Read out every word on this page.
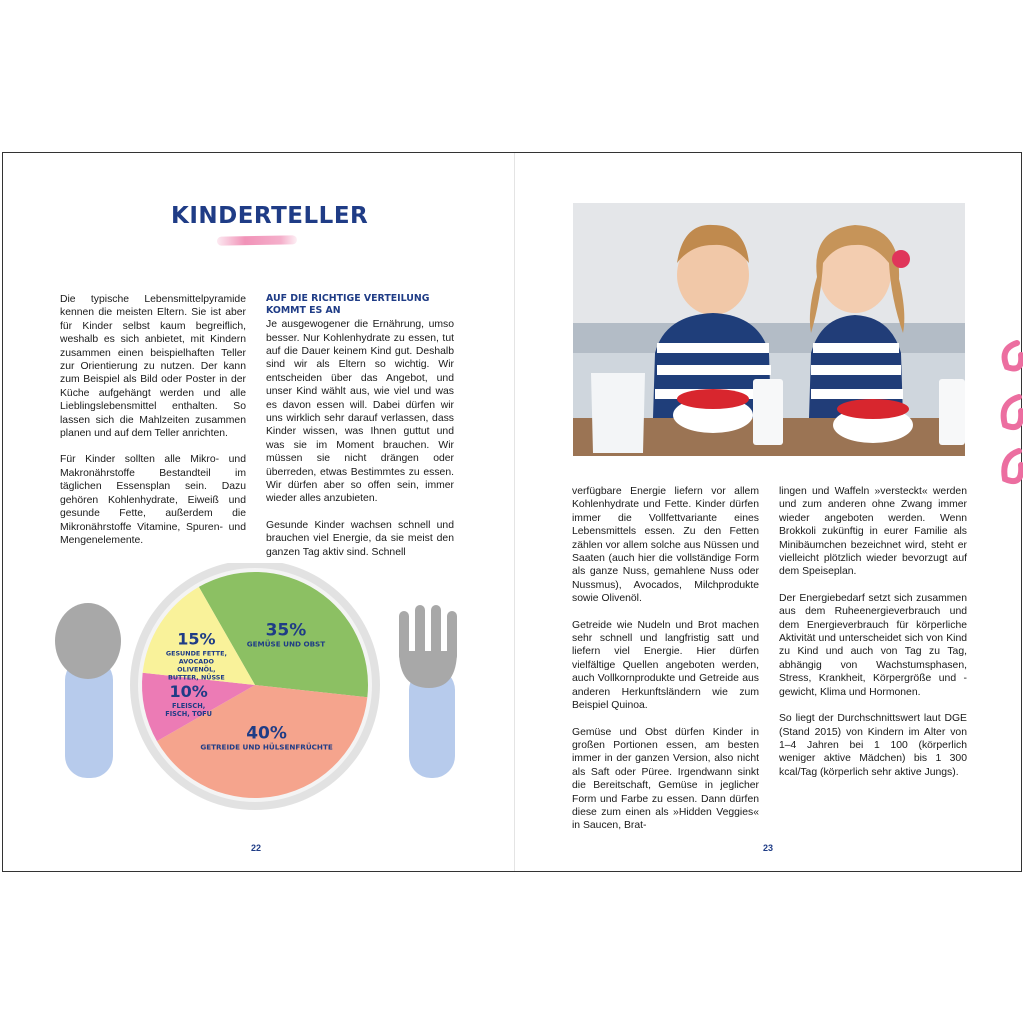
KINDERTELLER

Die typische Lebensmittelpyramide kennen die meisten Eltern. Sie ist aber für Kinder selbst kaum begreiflich, weshalb es sich anbietet, mit Kindern zusammen einen beispielhaften Teller zur Orientierung zu nutzen. Der kann zum Beispiel als Bild oder Poster in der Küche aufgehängt werden und alle Lieblingslebensmittel enthalten. So lassen sich die Mahlzeiten zusammen planen und auf dem Teller anrichten.

Für Kinder sollten alle Mikro- und Makronährstoffe Bestandteil im täglichen Essensplan sein. Dazu gehören Kohlenhydrate, Eiweiß und gesunde Fette, außerdem die Mikronährstoffe Vitamine, Spuren- und Mengenelemente.

AUF DIE RICHTIGE VERTEILUNG KOMMT ES AN

Je ausgewogener die Ernährung, umso besser. Nur Kohlenhydrate zu essen, tut auf die Dauer keinem Kind gut. Deshalb sind wir als Eltern so wichtig. Wir entscheiden über das Angebot, und unser Kind wählt aus, wie viel und was es davon essen will. Dabei dürfen wir uns wirklich sehr darauf verlassen, dass Kinder wissen, was Ihnen guttut und was sie im Moment brauchen. Wir müssen sie nicht drängen oder überreden, etwas Bestimmtes zu essen. Wir dürfen aber so offen sein, immer wieder alles anzubieten.

Gesunde Kinder wachsen schnell und brauchen viel Energie, da sie meist den ganzen Tag aktiv sind. Schnell

35%
GEMÜSE UND OBST
40%
GETREIDE UND HÜLSENFRÜCHTE
10%
FLEISCH,
FISCH, TOFU
15%
GESUNDE FETTE,
AVOCADO
OLIVENÖL,
BUTTER, NÜSSE
22

verfügbare Energie liefern vor allem Kohlenhydrate und Fette. Kinder dürfen immer die Vollfettvariante eines Lebensmittels essen. Zu den Fetten zählen vor allem solche aus Nüssen und Saaten (auch hier die vollständige Form als ganze Nuss, gemahlene Nuss oder Nussmus), Avocados, Milchprodukte sowie Olivenöl.

Getreide wie Nudeln und Brot machen sehr schnell und langfristig satt und liefern viel Energie. Hier dürfen vielfältige Quellen angeboten werden, auch Vollkornprodukte und Getreide aus anderen Herkunftsländern wie zum Beispiel Quinoa.

Gemüse und Obst dürfen Kinder in großen Portionen essen, am besten immer in der ganzen Version, also nicht als Saft oder Püree. Irgendwann sinkt die Bereitschaft, Gemüse in jeglicher Form und Farbe zu essen. Dann dürfen diese zum einen als »Hidden Veggies« in Saucen, Brat-

lingen und Waffeln »versteckt« werden und zum anderen ohne Zwang immer wieder angeboten werden. Wenn Brokkoli zukünftig in eurer Familie als Minibäumchen bezeichnet wird, steht er vielleicht plötzlich wieder bevorzugt auf dem Speiseplan.

Der Energiebedarf setzt sich zusammen aus dem Ruheenergieverbrauch und dem Energieverbrauch für körperliche Aktivität und unterscheidet sich von Kind zu Kind und auch von Tag zu Tag, abhängig von Wachstumsphasen, Stress, Krankheit, Körpergröße und -gewicht, Klima und Hormonen.

So liegt der Durchschnittswert laut DGE (Stand 2015) von Kindern im Alter von 1–4 Jahren bei 1 100 (körperlich weniger aktive Mädchen) bis 1 300 kcal/Tag (körperlich sehr aktive Jungs).

23
